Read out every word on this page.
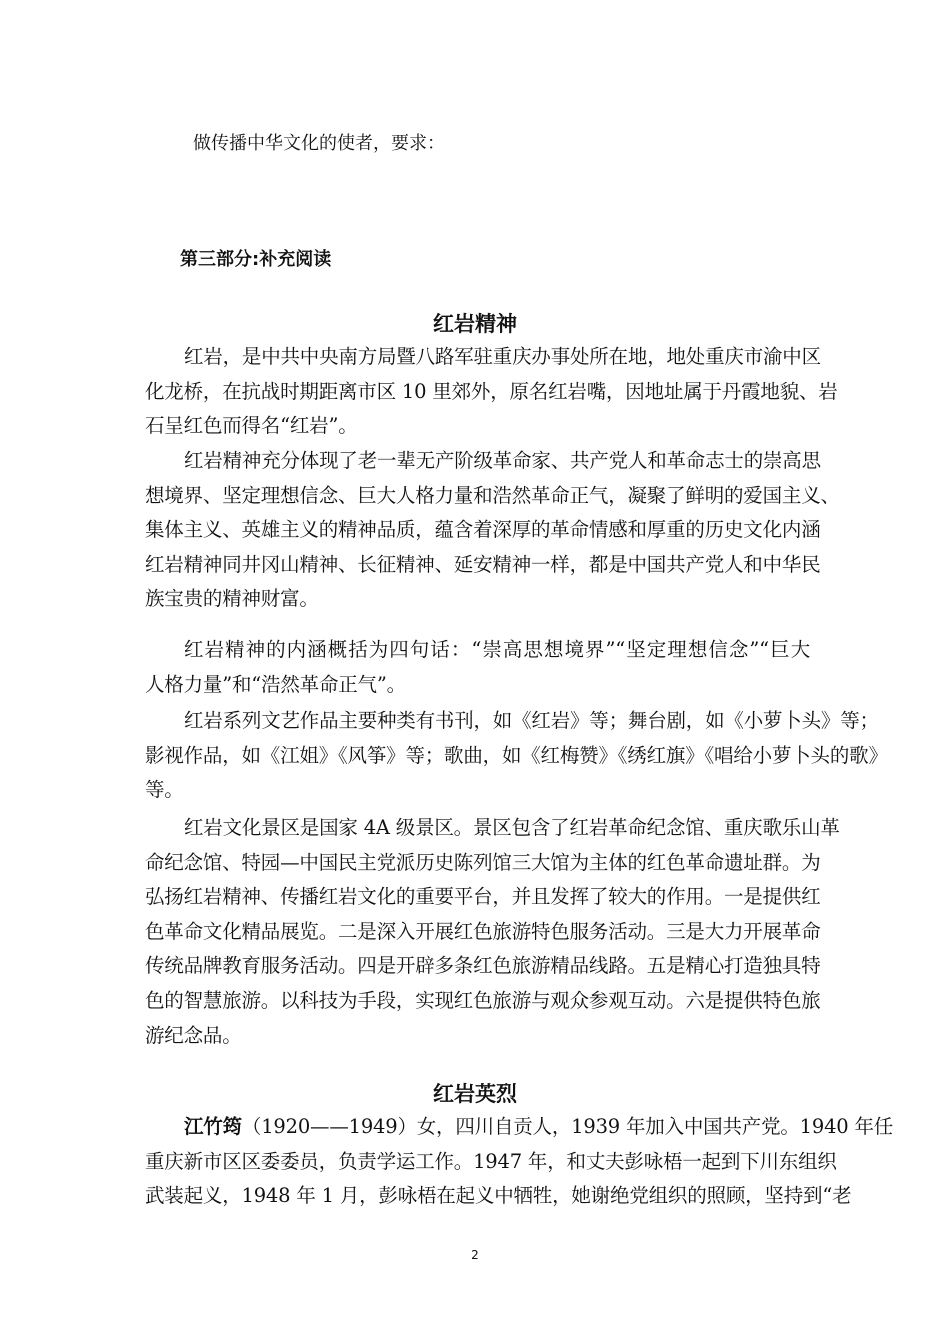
做传播中华文化的使者，要求：
第三部分:补充阅读
红岩精神
红岩，是中共中央南方局暨八路军驻重庆办事处所在地，地处重庆市渝中区
化龙桥，在抗战时期距离市区 10 里郊外，原名红岩嘴，因地址属于丹霞地貌、岩
石呈红色而得名“红岩”。
红岩精神充分体现了老一辈无产阶级革命家、共产党人和革命志士的崇高思
想境界、坚定理想信念、巨大人格力量和浩然革命正气，凝聚了鲜明的爱国主义、
集体主义、英雄主义的精神品质，蕴含着深厚的革命情感和厚重的历史文化内涵
红岩精神同井冈山精神、长征精神、延安精神一样，都是中国共产党人和中华民
族宝贵的精神财富。
红岩精神的内涵概括为四句话：“崇高思想境界”“坚定理想信念”“巨大
人格力量”和“浩然革命正气”。
红岩系列文艺作品主要种类有书刊，如《红岩》等；舞台剧，如《小萝卜头》等；
影视作品，如《江姐》《风筝》等；歌曲，如《红梅赞》《绣红旗》《唱给小萝卜头的歌》
等。
红岩文化景区是国家 4A 级景区。景区包含了红岩革命纪念馆、重庆歌乐山革
命纪念馆、特园—中国民主党派历史陈列馆三大馆为主体的红色革命遗址群。为
弘扬红岩精神、传播红岩文化的重要平台，并且发挥了较大的作用。一是提供红
色革命文化精品展览。二是深入开展红色旅游特色服务活动。三是大力开展革命
传统品牌教育服务活动。四是开辟多条红色旅游精品线路。五是精心打造独具特
色的智慧旅游。以科技为手段，实现红色旅游与观众参观互动。六是提供特色旅
游纪念品。
红岩英烈
江竹筠（1920——1949）女，四川自贡人，1939 年加入中国共产党。1940 年任
重庆新市区区委委员，负责学运工作。1947 年，和丈夫彭咏梧一起到下川东组织
武装起义，1948 年 1 月，彭咏梧在起义中牺牲，她谢绝党组织的照顾，坚持到“老
2
